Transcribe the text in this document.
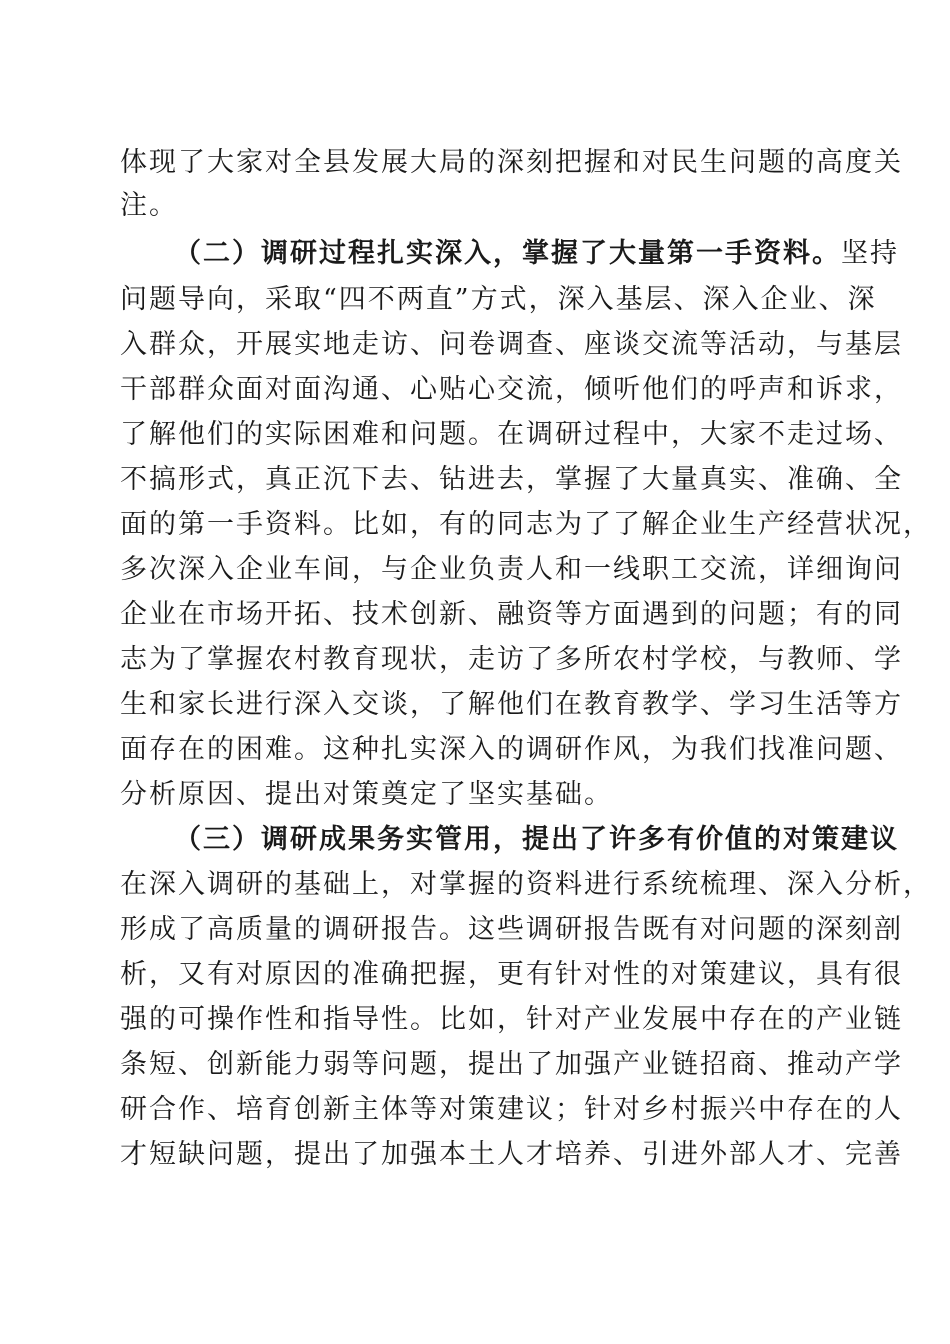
体现了大家对全县发展大局的深刻把握和对民生问题的高度关
注。
（二）调研过程扎实深入，掌握了大量第一手资料。坚持
问题导向，采取“四不两直”方式，深入基层、深入企业、深
入群众，开展实地走访、问卷调查、座谈交流等活动，与基层
干部群众面对面沟通、心贴心交流，倾听他们的呼声和诉求，
了解他们的实际困难和问题。在调研过程中，大家不走过场、
不搞形式，真正沉下去、钻进去，掌握了大量真实、准确、全
面的第一手资料。比如，有的同志为了了解企业生产经营状况，
多次深入企业车间，与企业负责人和一线职工交流，详细询问
企业在市场开拓、技术创新、融资等方面遇到的问题；有的同
志为了掌握农村教育现状，走访了多所农村学校，与教师、学
生和家长进行深入交谈，了解他们在教育教学、学习生活等方
面存在的困难。这种扎实深入的调研作风，为我们找准问题、
分析原因、提出对策奠定了坚实基础。
（三）调研成果务实管用，提出了许多有价值的对策建议
在深入调研的基础上，对掌握的资料进行系统梳理、深入分析，
形成了高质量的调研报告。这些调研报告既有对问题的深刻剖
析，又有对原因的准确把握，更有针对性的对策建议，具有很
强的可操作性和指导性。比如，针对产业发展中存在的产业链
条短、创新能力弱等问题，提出了加强产业链招商、推动产学
研合作、培育创新主体等对策建议；针对乡村振兴中存在的人
才短缺问题，提出了加强本土人才培养、引进外部人才、完善
